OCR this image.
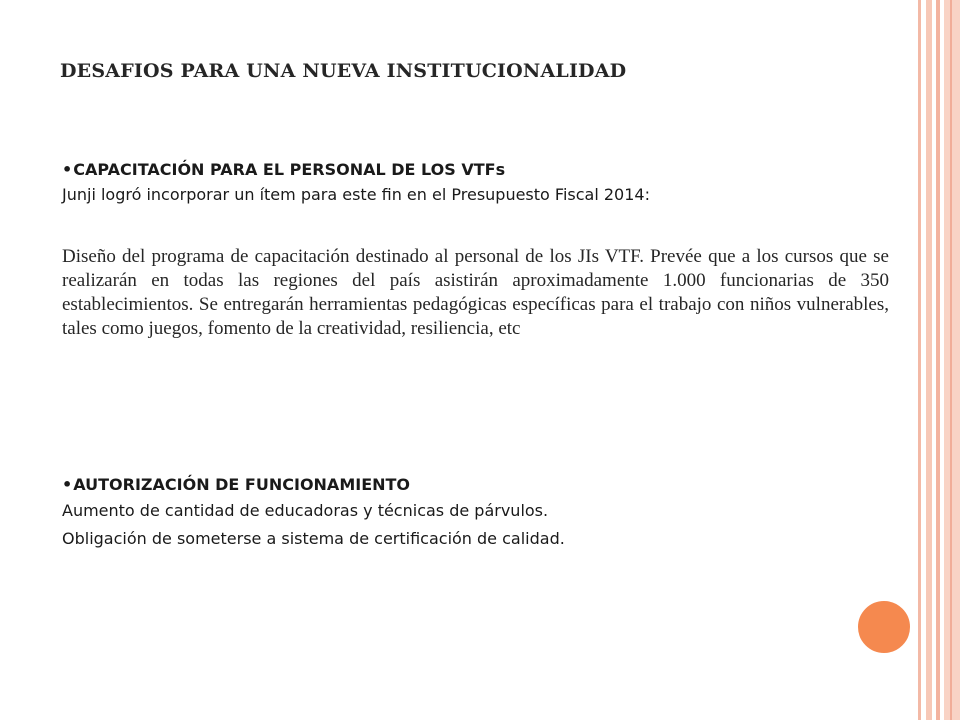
DESAFIOS PARA UNA NUEVA INSTITUCIONALIDAD

•CAPACITACIÓN PARA EL PERSONAL DE LOS VTFs

Junji logró incorporar un ítem para este fin en el Presupuesto Fiscal 2014:

Diseño del programa de capacitación destinado al personal de los JIs VTF. Prevée que a los cursos que se realizarán en todas las regiones del país asistirán aproximadamente 1.000 funcionarias de 350 establecimientos. Se entregarán herramientas pedagógicas específicas para el trabajo con niños vulnerables, tales como juegos, fomento de la creatividad, resiliencia, etc

•AUTORIZACIÓN DE FUNCIONAMIENTO

Aumento de cantidad de educadoras y técnicas de párvulos.

Obligación de someterse a sistema de certificación de calidad.
